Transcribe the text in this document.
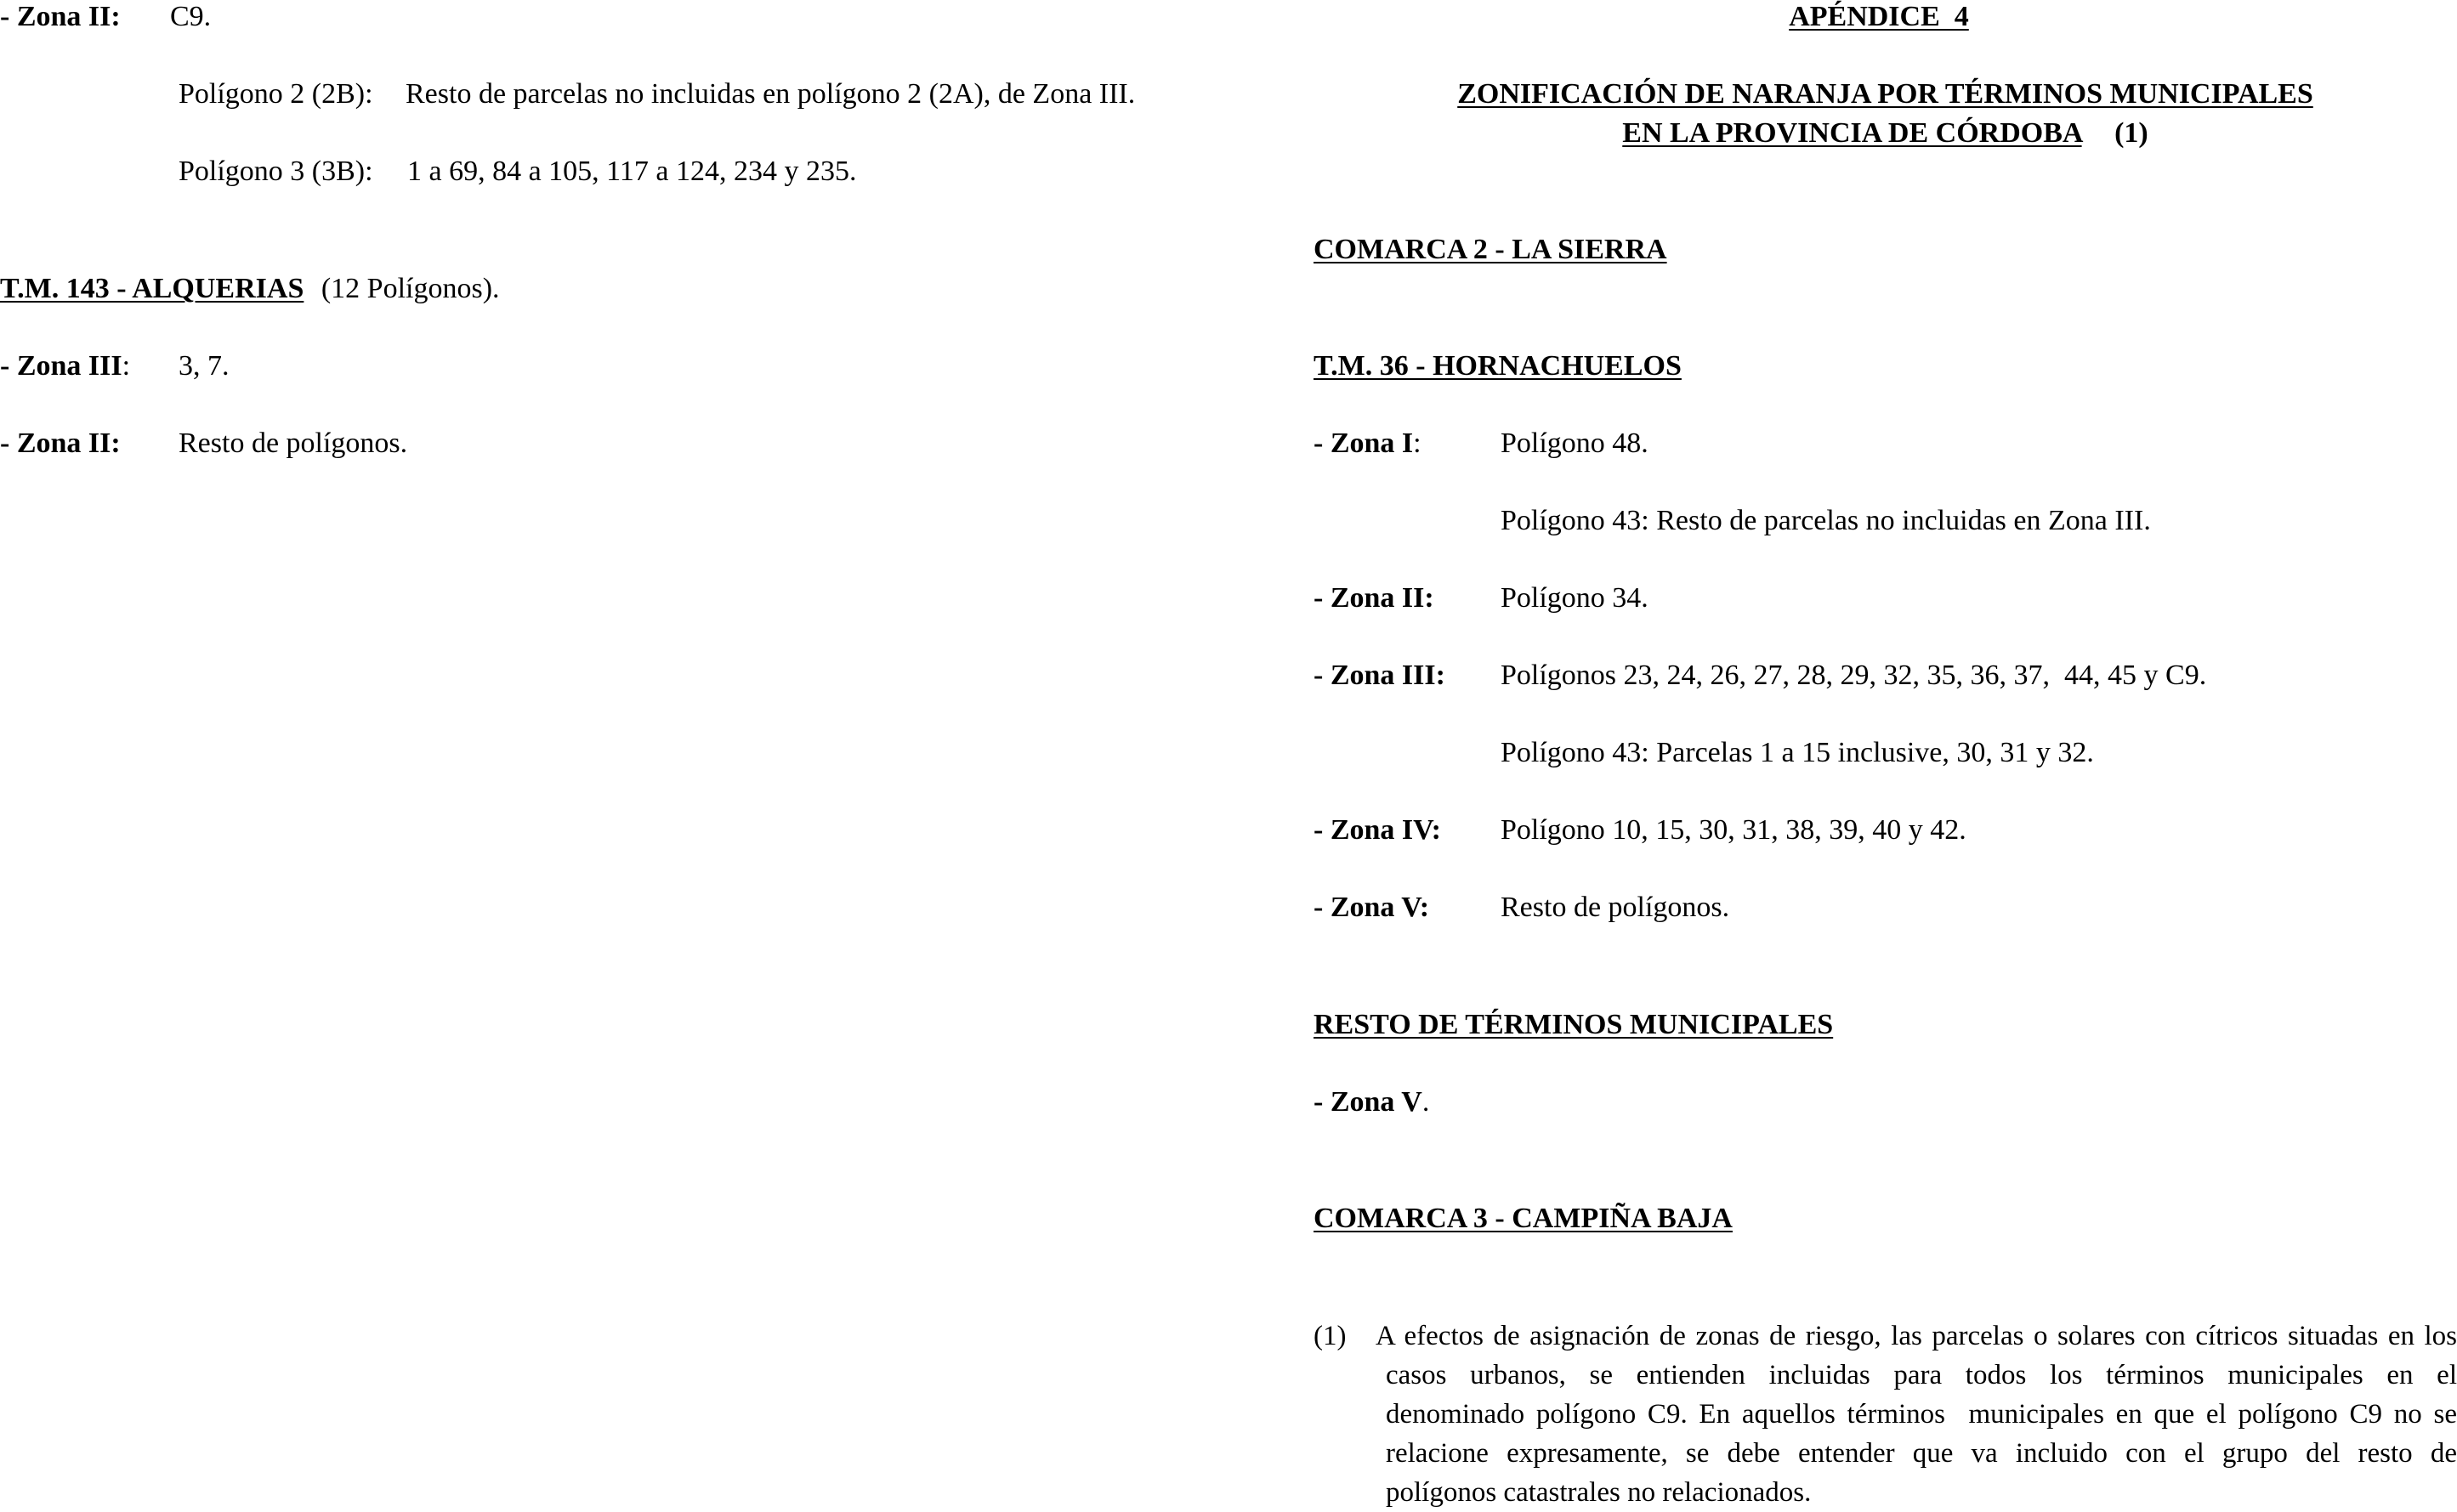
- Zona II: C9.
Polígono 2 (2B): Resto de parcelas no incluidas en polígono 2 (2A), de Zona III.
Polígono 3 (3B): 1 a 69, 84 a 105, 117 a 124, 234 y 235.
T.M. 143 - ALQUERIAS (12 Polígonos).
- Zona III: 3, 7.
- Zona II: Resto de polígonos.
APÉNDICE  4
ZONIFICACIÓN DE NARANJA POR TÉRMINOS MUNICIPALES
EN LA PROVINCIA DE CÓRDOBA (1)
COMARCA 2 - LA SIERRA
T.M. 36 - HORNACHUELOS
- Zona I:	Polígono 48.
Polígono 43: Resto de parcelas no incluidas en Zona III.
- Zona II: Polígono 34.
- Zona III: Polígonos 23, 24, 26, 27, 28, 29, 32, 35, 36, 37,  44, 45 y C9.
Polígono 43: Parcelas 1 a 15 inclusive, 30, 31 y 32.
- Zona IV: Polígono 10, 15, 30, 31, 38, 39, 40 y 42.
- Zona V: Resto de polígonos.
RESTO DE TÉRMINOS MUNICIPALES
- Zona V.
COMARCA 3 - CAMPIÑA BAJA
(1) A efectos de asignación de zonas de riesgo, las parcelas o solares con cítricos situadas en los
casos urbanos, se entienden incluidas para todos los términos municipales en el
denominado polígono C9. En aquellos términos  municipales en que el polígono C9 no se
relacione expresamente, se debe entender que va incluido con el grupo del resto de
polígonos catastrales no relacionados.
